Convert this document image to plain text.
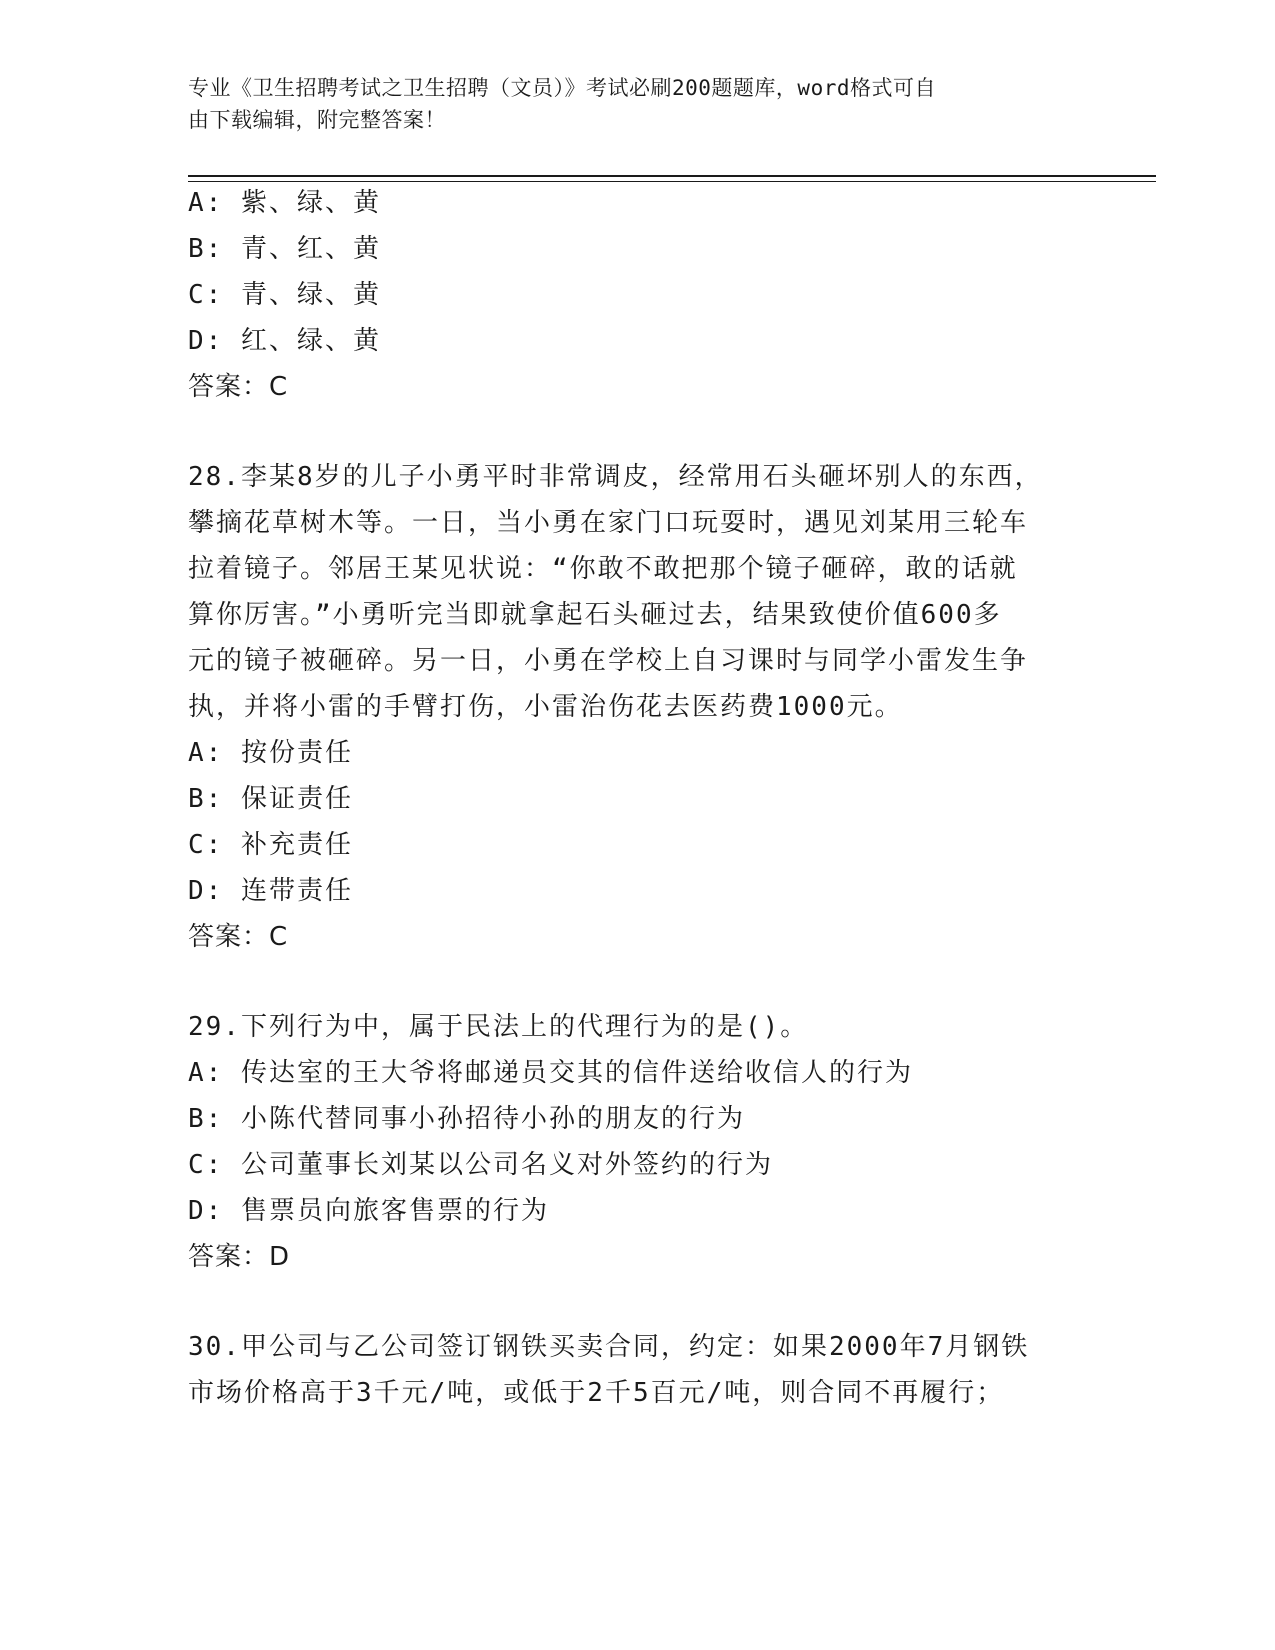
专业《卫生招聘考试之卫生招聘（文员）》考试必刷200题题库，word格式可自
由下载编辑，附完整答案！
A: 紫、绿、黄
B: 青、红、黄
C: 青、绿、黄
D: 红、绿、黄
答案：C
28.李某8岁的儿子小勇平时非常调皮，经常用石头砸坏别人的东西，
攀摘花草树木等。一日，当小勇在家门口玩耍时，遇见刘某用三轮车
拉着镜子。邻居王某见状说：“你敢不敢把那个镜子砸碎，敢的话就
算你厉害。”小勇听完当即就拿起石头砸过去，结果致使价值600多
元的镜子被砸碎。另一日，小勇在学校上自习课时与同学小雷发生争
执，并将小雷的手臂打伤，小雷治伤花去医药费1000元。
A: 按份责任
B: 保证责任
C: 补充责任
D: 连带责任
答案：C
29.下列行为中，属于民法上的代理行为的是()。
A: 传达室的王大爷将邮递员交其的信件送给收信人的行为
B: 小陈代替同事小孙招待小孙的朋友的行为
C: 公司董事长刘某以公司名义对外签约的行为
D: 售票员向旅客售票的行为
答案：D
30.甲公司与乙公司签订钢铁买卖合同，约定：如果2000年7月钢铁
市场价格高于3千元/吨，或低于2千5百元/吨，则合同不再履行；
